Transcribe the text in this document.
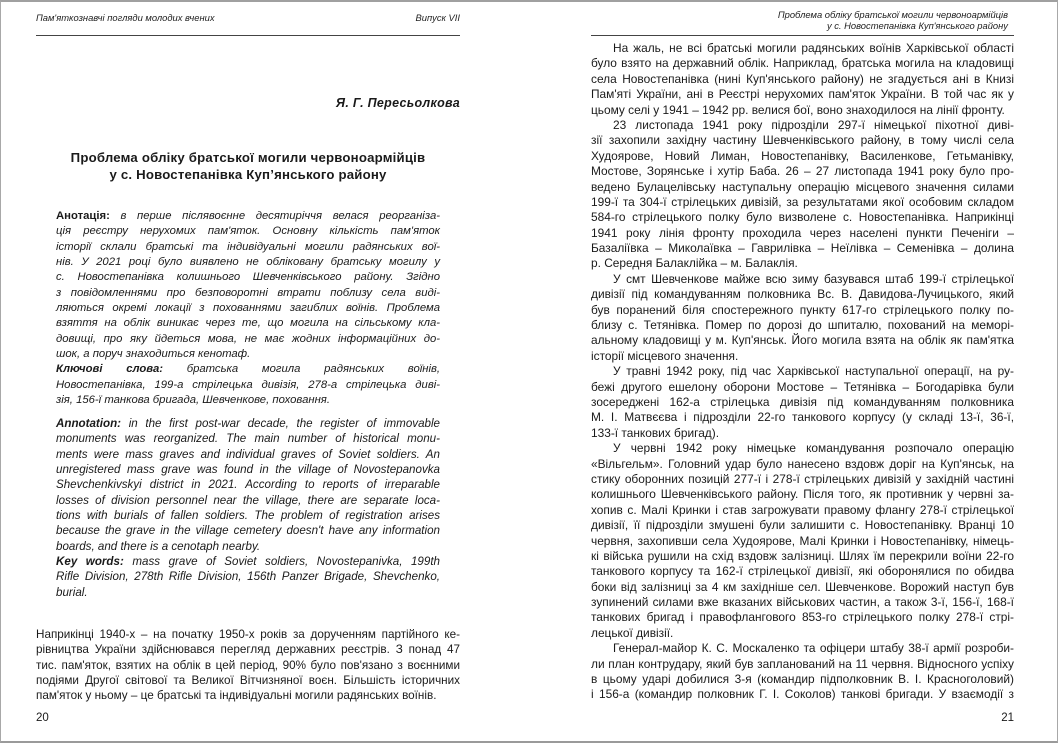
Пам'яткознавчі погляди молодих вчених	Випуск VII
Я. Г. Пересьолкова
Проблема обліку братської могили червоноармійців
у с. Новостепанівка Куп’янського району
Анотація: в перше післявоєнне десятиріччя велася реорганіза-
ція реєстру нерухомих пам'яток. Основну кількість пам'яток
історії склали братські та індивідуальні могили радянських вої-
нів. У 2021 році було виявлено не обліковану братську могилу у
с. Новостепанівка колишнього Шевченківського району. Згідно
з повідомленнями про безповоротні втрати поблизу села виді-
ляються окремі локації з похованнями загиблих воїнів. Проблема
взяття на облік виникає через те, що могила на сільському кла-
довищі, про яку йдеться мова, не має жодних інформаційних до-
шок, а поруч знаходиться кенотаф.
Ключові слова: братська могила радянських воїнів,
Новостепанівка, 199-а стрілецька дивізія, 278-а стрілецька диві-
зія, 156-ї танкова бригада, Шевченкове, поховання.
Annotation: in the first post-war decade, the register of immovable
monuments was reorganized. The main number of historical monu-
ments were mass graves and individual graves of Soviet soldiers. An
unregistered mass grave was found in the village of Novostepanovka
Shevchenkivskyi district in 2021. According to reports of irreparable
losses of division personnel near the village, there are separate loca-
tions with burials of fallen soldiers. The problem of registration arises
because the grave in the village cemetery doesn't have any information
boards, and there is a cenotaph nearby.
Key words: mass grave of Soviet soldiers, Novostepanivka, 199th
Rifle Division, 278th Rifle Division, 156th Panzer Brigade, Shevchenko,
burial.
Наприкінці 1940-х – на початку 1950-х років за дорученням партійного ке-
рівництва України здійснювався перегляд державних реєстрів. З понад 47
тис. пам'яток, взятих на облік в цей період, 90% було пов'язано з воєнними
подіями Другої світової та Великої Вітчизняної воєн. Більшість історичних
пам'яток у ньому – це братські та індивідуальні могили радянських воїнів.
20
Проблема обліку братської могили червоноармійців
у с. Новостепанівка Куп'янського району
На жаль, не всі братські могили радянських воїнів Харківської області
було взято на державний облік. Наприклад, братська могила на кладовищі
села Новостепанівка (нині Куп'янського району) не згадується ані в Книзі
Пам'яті України, ані в Реєстрі нерухомих пам'яток України. В той час як у
цьому селі у 1941 – 1942 рр. велися бої, воно знаходилося на лінії фронту.
23 листопада 1941 року підрозділи 297-ї німецької піхотної диві-
зії захопили західну частину Шевченківського району, в тому числі села
Худоярове, Новий Лиман, Новостепанівку, Василенкове, Гетьманівку,
Мостове, Зорянське і хутір Баба. 26 – 27 листопада 1941 року було про-
ведено Булацелівську наступальну операцію місцевого значення силами
199-ї та 304-ї стрілецьких дивізій, за результатами якої особовим складом
584-го стрілецького полку було визволене с. Новостепанівка. Наприкінці
1941 року лінія фронту проходила через населені пункти Печеніги –
Базаліївка – Миколаївка – Гаврилівка – Неїлівка – Семенівка – долина
р. Середня Балаклійка – м. Балаклія.
У смт Шевченкове майже всю зиму базувався штаб 199-ї стрілецької
дивізії під командуванням полковника Вс. В. Давидова-Лучицького, який
був поранений біля спостережного пункту 617-го стрілецького полку по-
близу с. Тетянівка. Помер по дорозі до шпиталю, похований на меморі-
альному кладовищі у м. Куп'янськ. Його могила взята на облік як пам'ятка
історії місцевого значення.
У травні 1942 року, під час Харківської наступальної операції, на ру-
бежі другого ешелону оборони Мостове – Тетянівка – Богодарівка були
зосереджені 162-а стрілецька дивізія під командуванням полковника
М. І. Матвєєва і підрозділи 22-го танкового корпусу (у складі 13-ї, 36-ї,
133-ї танкових бригад).
У червні 1942 року німецьке командування розпочало операцію
«Вільгельм». Головний удар було нанесено вздовж доріг на Куп'янськ, на
стику оборонних позицій 277-ї і 278-ї стрілецьких дивізій у західній частині
колишнього Шевченківського району. Після того, як противник у червні за-
хопив с. Малі Кринки і став загрожувати правому флангу 278-ї стрілецької
дивізії, її підрозділи змушені були залишити с. Новостепанівку. Вранці 10
червня, захопивши села Худоярове, Малі Кринки і Новостепанівку, німець-
кі війська рушили на схід вздовж залізниці. Шлях їм перекрили воїни 22-го
танкового корпусу та 162-ї стрілецької дивізії, які оборонялися по обидва
боки від залізниці за 4 км західніше сел. Шевченкове. Ворожий наступ був
зупинений силами вже вказаних військових частин, а також 3-ї, 156-ї, 168-ї
танкових бригад і правофлангового 853-го стрілецького полку 278-ї стрі-
лецької дивізії.
Генерал-майор К. С. Москаленко та офіцери штабу 38-ї армії розроби-
ли план контрудару, який був запланований на 11 червня. Відносного успіху
в цьому ударі добилися 3-я (командир підполковник В. І. Красноголовий)
і 156-а (командир полковник Г. І. Соколов) танкові бригади. У взаємодії з
21
